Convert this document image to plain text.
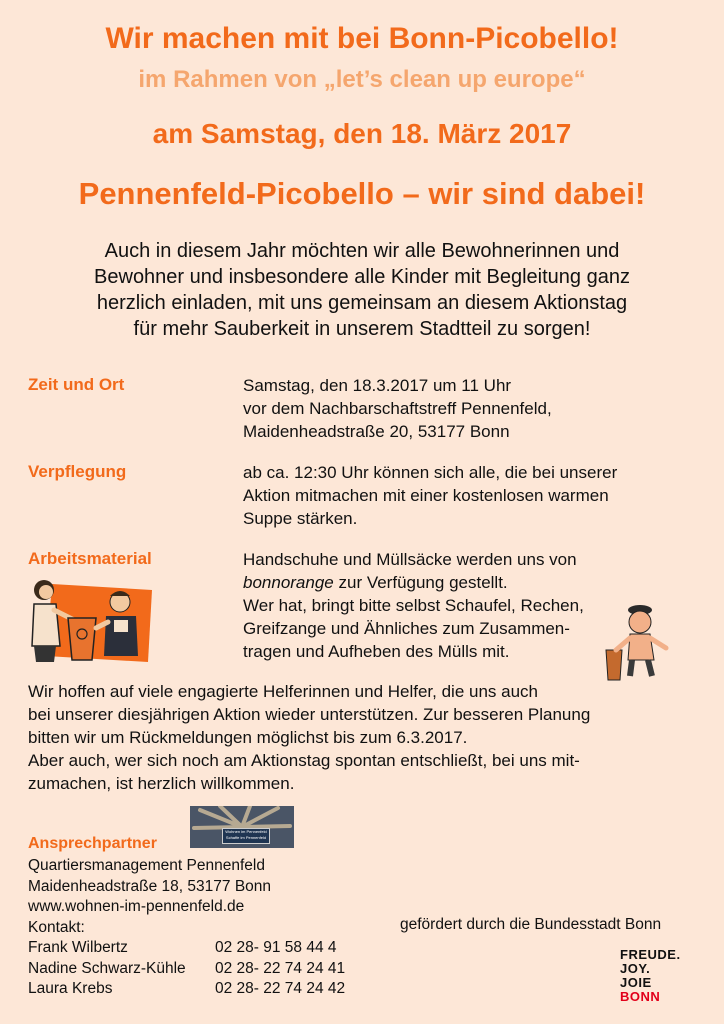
Wir machen mit bei Bonn-Picobello!
im Rahmen von „let’s clean up europe“
am Samstag, den 18. März 2017
Pennenfeld-Picobello – wir sind dabei!
Auch in diesem Jahr möchten wir alle Bewohnerinnen und
Bewohner und insbesondere alle Kinder mit Begleitung ganz
herzlich einladen, mit uns gemeinsam an diesem Aktionstag
für mehr Sauberkeit in unserem Stadtteil zu sorgen!
Zeit und Ort	Samstag, den 18.3.2017 um 11 Uhr
vor dem Nachbarschaftstreff Pennenfeld,
Maidenheadstraße 20, 53177 Bonn
Verpflegung	ab ca. 12:30 Uhr können sich alle, die bei unserer
Aktion mitmachen mit einer kostenlosen warmen
Suppe stärken.
Arbeitsmaterial	Handschuhe und Müllsäcke werden uns von
bonnorange zur Verfügung gestellt.
Wer hat, bringt bitte selbst Schaufel, Rechen,
Greifzange und Ähnliches zum Zusammen-
tragen und Aufheben des Mülls mit.
Wir hoffen auf viele engagierte Helferinnen und Helfer, die uns auch
bei unserer diesjährigen Aktion wieder unterstützen. Zur besseren Planung
bitten wir um Rückmeldungen möglichst bis zum 6.3.2017.
Aber auch, wer sich noch am Aktionstag spontan entschließt, bei uns mit-
zumachen, ist herzlich willkommen.
Wohnen im Pennenfeld
Schaffe im Pennenfeld
Ansprechpartner
Quartiersmanagement Pennenfeld
Maidenheadstraße 18, 53177 Bonn
www.wohnen-im-pennenfeld.de
Kontakt:
Frank Wilbertz	02 28- 91 58 44 4
Nadine Schwarz-Kühle 02 28- 22 74 24 41
Laura Krebs	02 28- 22 74 24 42
gefördert durch die Bundesstadt Bonn
FREUDE.
JOY.
JOIE
BONN
